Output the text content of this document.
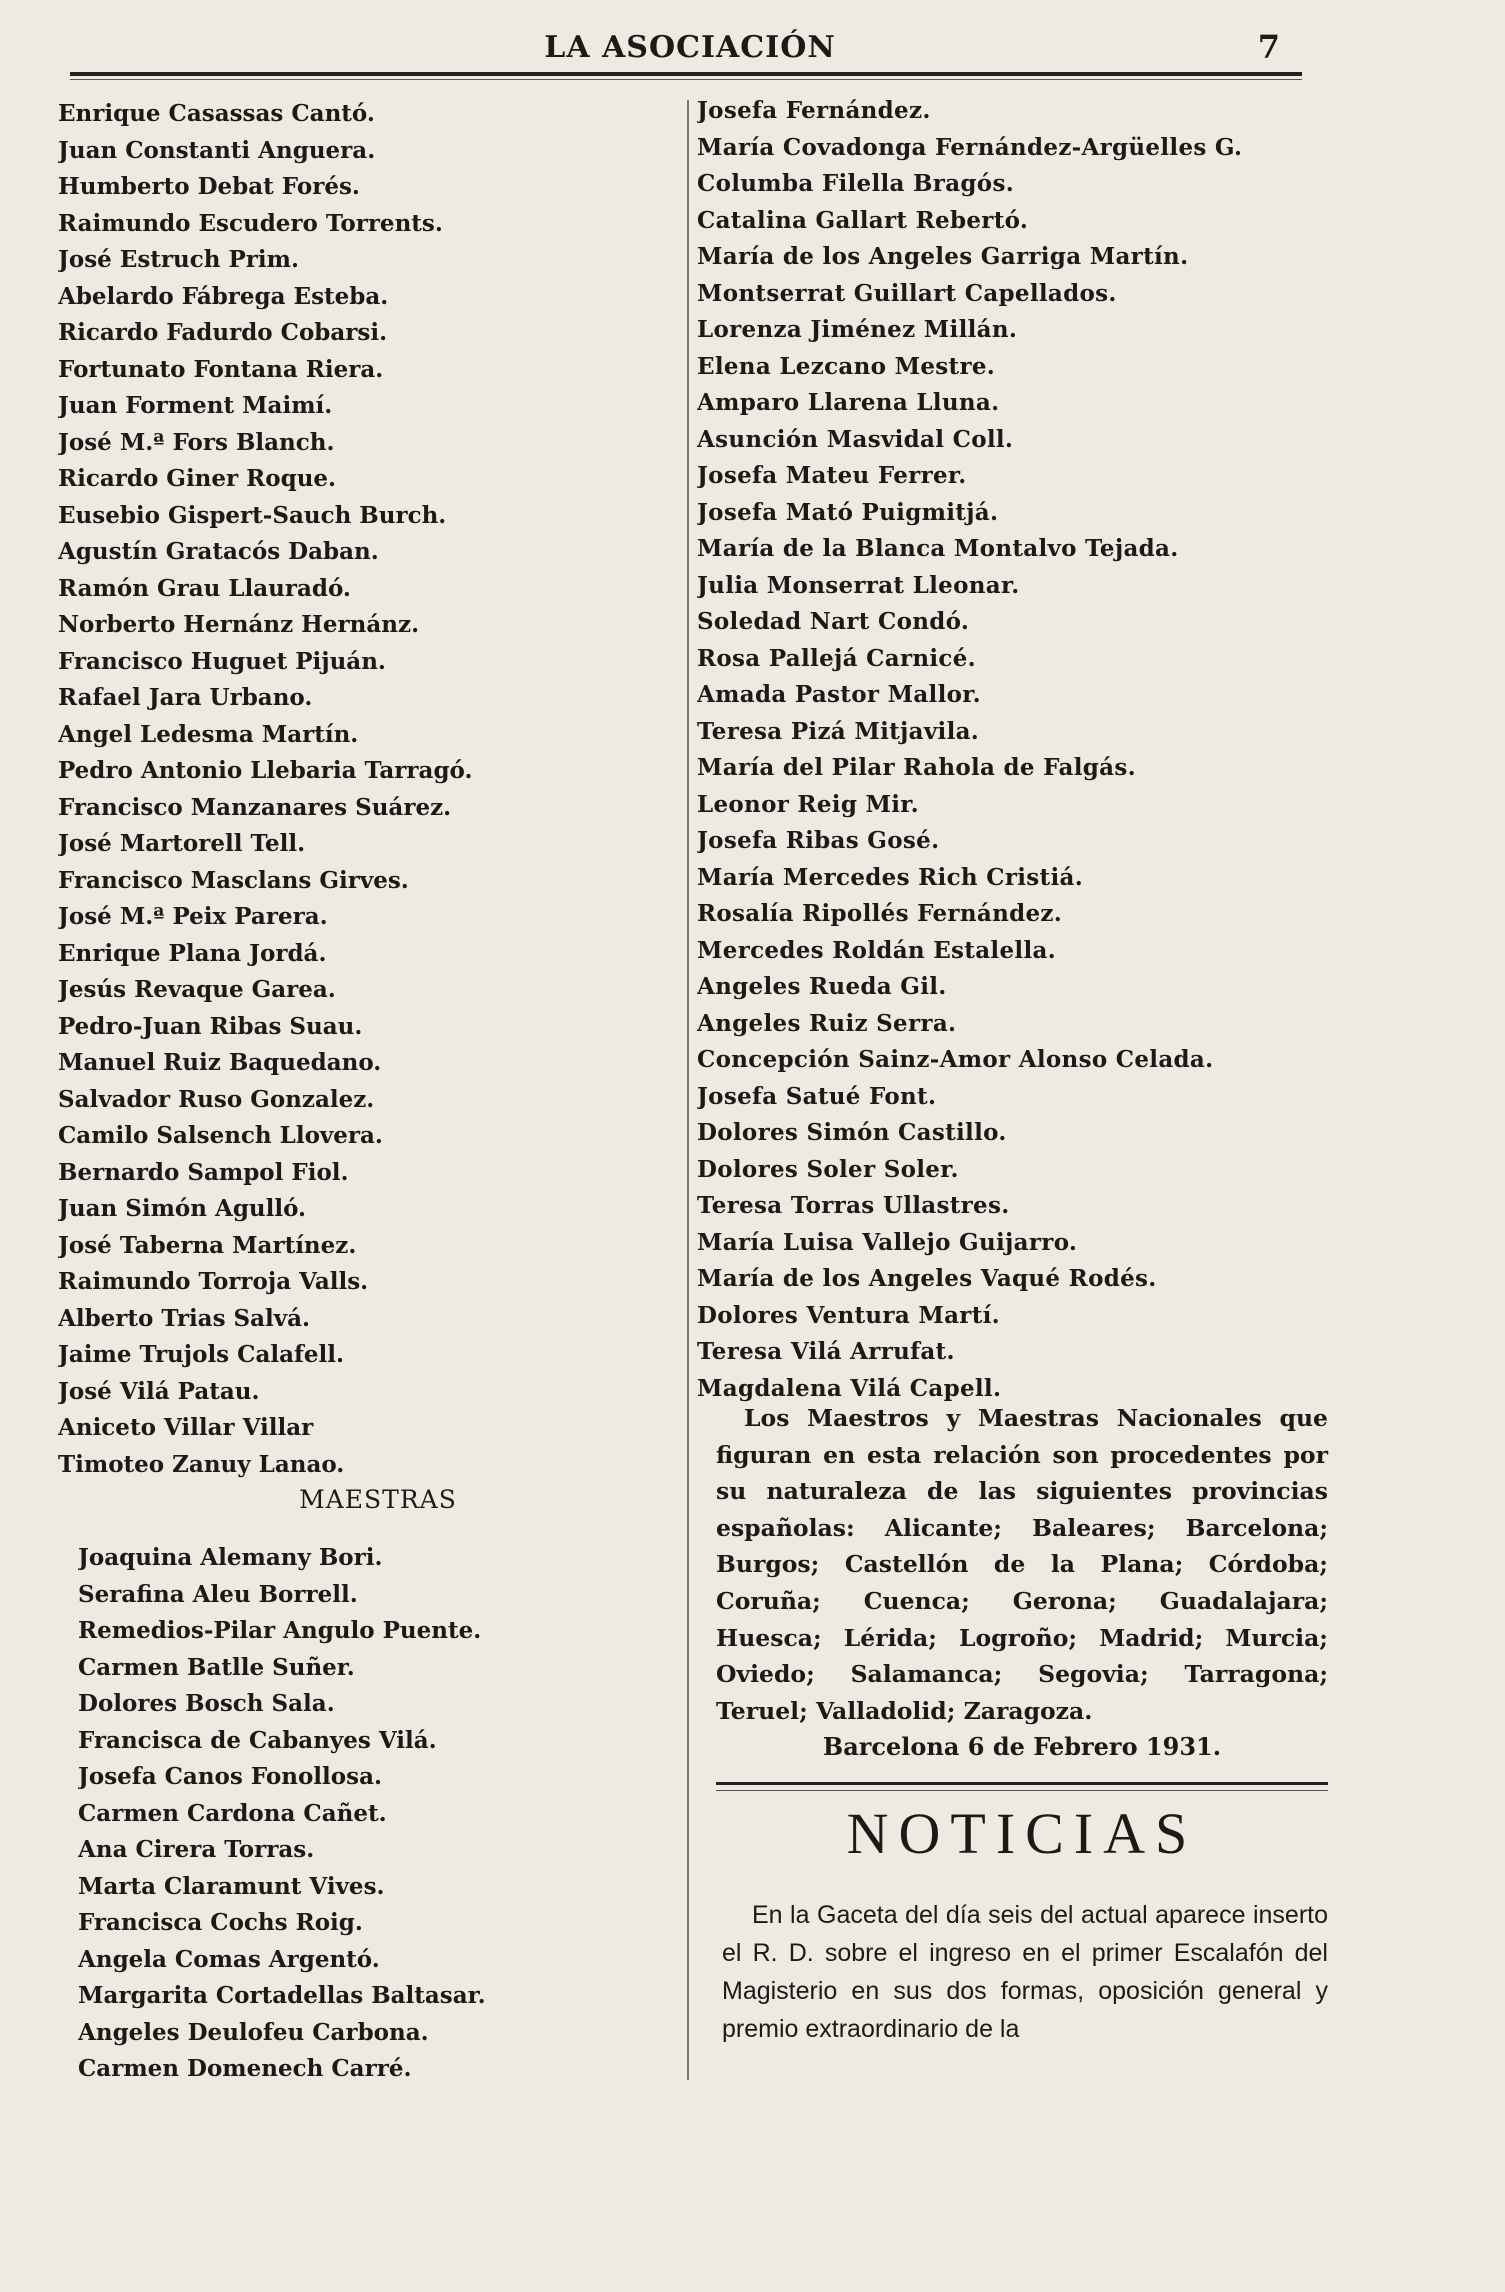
LA ASOCIACIÓN	7
Enrique Casassas Cantó.
Juan Constanti Anguera.
Humberto Debat Forés.
Raimundo Escudero Torrents.
José Estruch Prim.
Abelardo Fábrega Esteba.
Ricardo Fadurdo Cobarsi.
Fortunato Fontana Riera.
Juan Forment Maimí.
José M.ª Fors Blanch.
Ricardo Giner Roque.
Eusebio Gispert-Sauch Burch.
Agustín Gratacós Daban.
Ramón Grau Llauradó.
Norberto Hernánz Hernánz.
Francisco Huguet Pijuán.
Rafael Jara Urbano.
Angel Ledesma Martín.
Pedro Antonio Llebaria Tarragó.
Francisco Manzanares Suárez.
José Martorell Tell.
Francisco Masclans Girves.
José M.ª Peix Parera.
Enrique Plana Jordá.
Jesús Revaque Garea.
Pedro-Juan Ribas Suau.
Manuel Ruiz Baquedano.
Salvador Ruso Gonzalez.
Camilo Salsench Llovera.
Bernardo Sampol Fiol.
Juan Simón Agulló.
José Taberna Martínez.
Raimundo Torroja Valls.
Alberto Trias Salvá.
Jaime Trujols Calafell.
José Vilá Patau.
Aniceto Villar Villar
Timoteo Zanuy Lanao.
MAESTRAS
Joaquina Alemany Bori.
Serafina Aleu Borrell.
Remedios-Pilar Angulo Puente.
Carmen Batlle Suñer.
Dolores Bosch Sala.
Francisca de Cabanyes Vilá.
Josefa Canos Fonollosa.
Carmen Cardona Cañet.
Ana Cirera Torras.
Marta Claramunt Vives.
Francisca Cochs Roig.
Angela Comas Argentó.
Margarita Cortadellas Baltasar.
Angeles Deulofeu Carbona.
Carmen Domenech Carré.
Josefa Fernández.
María Covadonga Fernández-Argüelles G.
Columba Filella Bragós.
Catalina Gallart Rebertó.
María de los Angeles Garriga Martín.
Montserrat Guillart Capellados.
Lorenza Jiménez Millán.
Elena Lezcano Mestre.
Amparo Llarena Lluna.
Asunción Masvidal Coll.
Josefa Mateu Ferrer.
Josefa Mató Puigmitjá.
María de la Blanca Montalvo Tejada.
Julia Monserrat Lleonar.
Soledad Nart Condó.
Rosa Pallejá Carnicé.
Amada Pastor Mallor.
Teresa Pizá Mitjavila.
María del Pilar Rahola de Falgás.
Leonor Reig Mir.
Josefa Ribas Gosé.
María Mercedes Rich Cristiá.
Rosalía Ripollés Fernández.
Mercedes Roldán Estalella.
Angeles Rueda Gil.
Angeles Ruiz Serra.
Concepción Sainz-Amor Alonso Celada.
Josefa Satué Font.
Dolores Simón Castillo.
Dolores Soler Soler.
Teresa Torras Ullastres.
María Luisa Vallejo Guijarro.
María de los Angeles Vaqué Rodés.
Dolores Ventura Martí.
Teresa Vilá Arrufat.
Magdalena Vilá Capell.

Los Maestros y Maestras Nacionales que figuran en esta relación son procedentes por su naturaleza de las siguientes provincias españolas: Alicante; Baleares; Barcelona; Burgos; Castellón de la Plana; Córdoba; Coruña; Cuenca; Gerona; Guadalajara; Huesca; Lérida; Logroño; Madrid; Murcia; Oviedo; Salamanca; Segovia; Tarragona; Teruel; Valladolid; Zaragoza.

Barcelona 6 de Febrero 1931.
NOTICIAS

En la Gaceta del día seis del actual aparece inserto el R. D. sobre el ingreso en el primer Escalafón del Magisterio en sus dos formas, oposición general y premio extraordinario de la
